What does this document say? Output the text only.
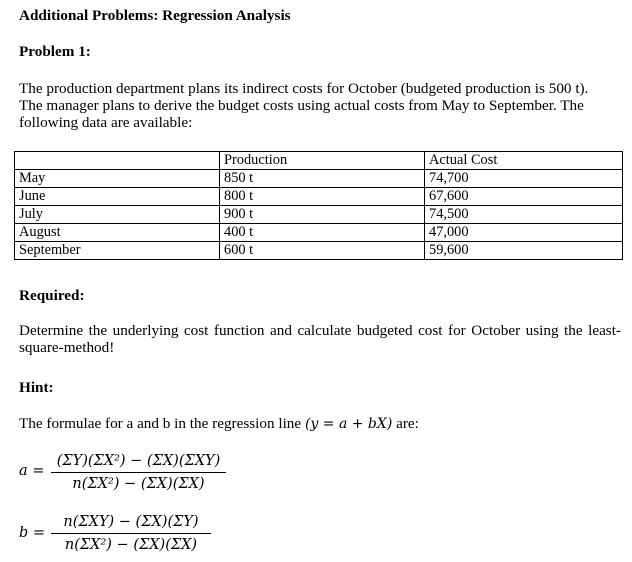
Additional Problems: Regression Analysis
Problem 1:

The production department plans its indirect costs for October (budgeted production is 500 t).

The manager plans to derive the budget costs using actual costs from May to September. The

following data are available:

	Production	Actual Cost
May	850 t	74,700
June	800 t	67,600
July	900 t	74,500
August	400 t	47,000
September	600 t	59,600
Required:
Determine the underlying cost function and calculate budgeted cost for October using the least-square-method!
Hint:
The formulae for a and b in the regression line (y = a + bX) are:
a =
(ΣY)(ΣX²) − (ΣX)(ΣXY)
n(ΣX²) − (ΣX)(ΣX)
b =
n(ΣXY) − (ΣX)(ΣY)
n(ΣX²) − (ΣX)(ΣX)
